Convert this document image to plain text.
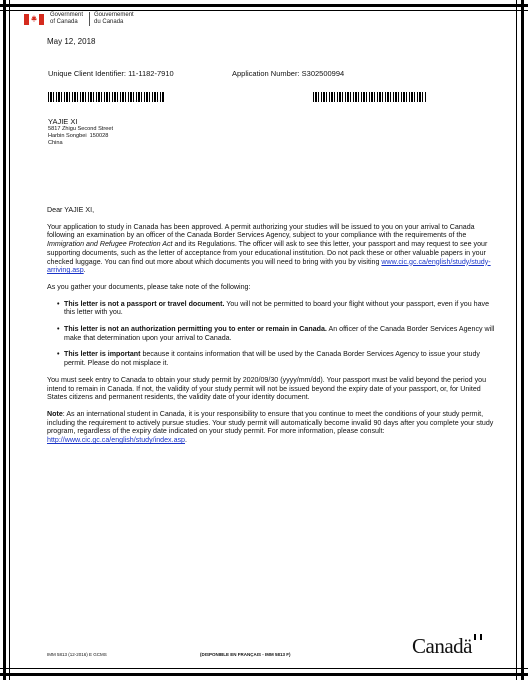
Government
of Canada
Gouvernement
du Canada
May 12, 2018
Unique Client Identifier: 11-1182-7910	Application Number: S302500994
YAJIE XI
5817 Zhigu Second Street
Harbin Songbei 150028
China

Dear YAJIE XI,

Your application to study in Canada has been approved. A permit authorizing your studies will be issued to you on your arrival to Canada following an examination by an officer of the Canada Border Services Agency, subject to your compliance with the requirements of the Immigration and Refugee Protection Act and its Regulations. The officer will ask to see this letter, your passport and may request to see your supporting documents, such as the letter of acceptance from your educational institution. Do not pack these or other valuable papers in your checked luggage. You can find out more about which documents you will need to bring with you by visiting www.cic.gc.ca/english/study/study-arriving.asp.

As you gather your documents, please take note of the following:

• This letter is not a passport or travel document. You will not be permitted to board your flight without your passport, even if you have this letter with you.
• This letter is not an authorization permitting you to enter or remain in Canada. An officer of the Canada Border Services Agency will make that determination upon your arrival to Canada.
• This letter is important because it contains information that will be used by the Canada Border Services Agency to issue your study permit. Please do not misplace it.

You must seek entry to Canada to obtain your study permit by 2020/09/30 (yyyy/mm/dd). Your passport must be valid beyond the period you intend to remain in Canada. If not, the validity of your study permit will not be issued beyond the expiry date of your passport, or, for United States citizens and permanent residents, the validity date of your identity document.

Note: As an international student in Canada, it is your responsibility to ensure that you continue to meet the conditions of your study permit, including the requirement to actively pursue studies. Your study permit will automatically become invalid 90 days after you complete your study program, regardless of the expiry date indicated on your study permit. For more information, please consult:
http://www.cic.gc.ca/english/study/index.asp.

IMM 5813 (12-2016) E GCMS	(DISPONIBLE EN FRANÇAIS - IMM 5813 F)	Canadä
